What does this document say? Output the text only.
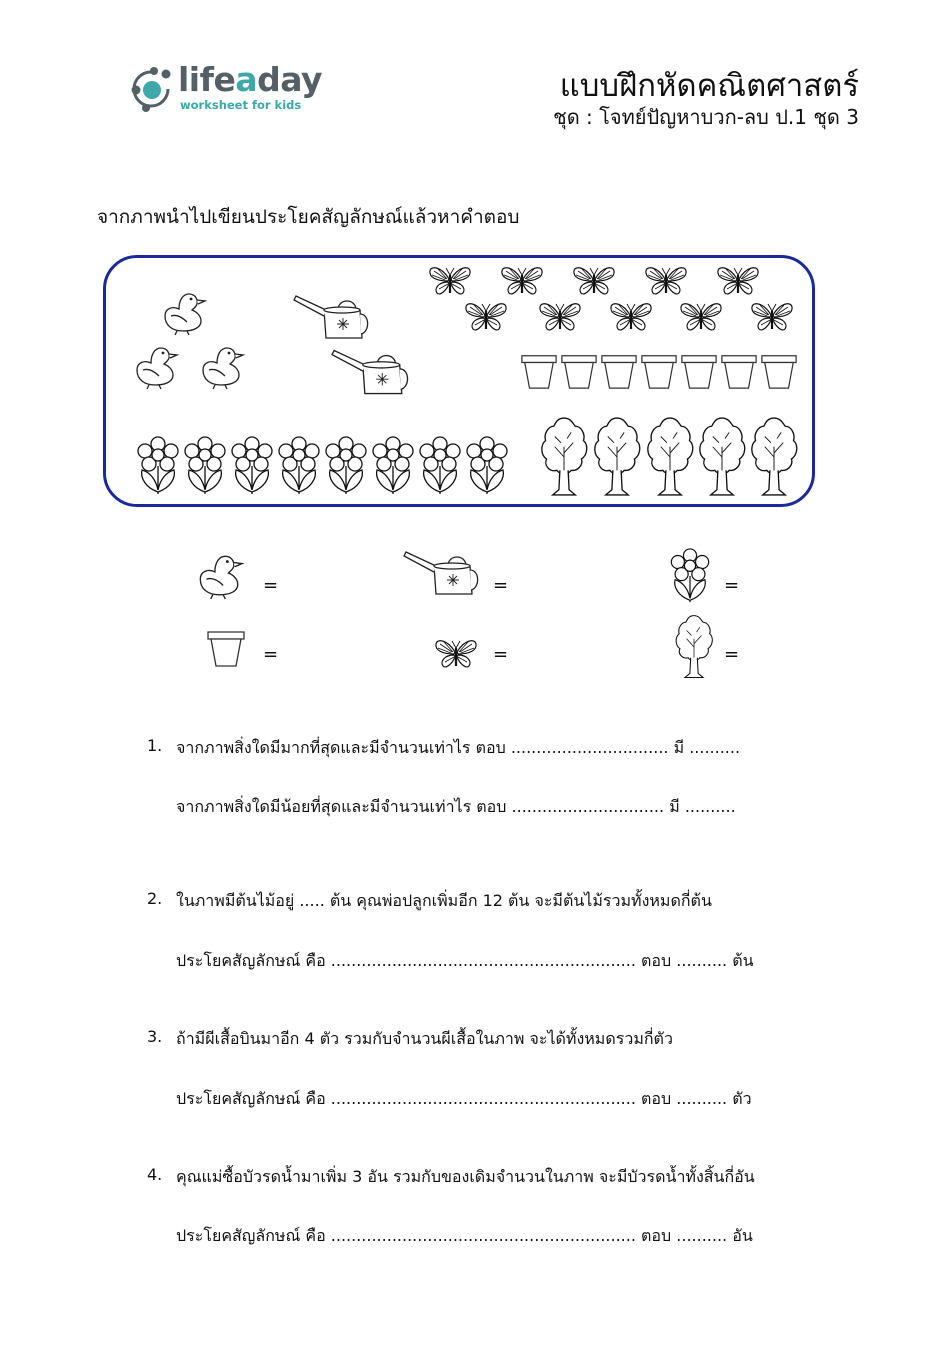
lifeaday
worksheet for kids
แบบฝึกหัดคณิตศาสตร์
ชุด : โจทย์ปัญหาบวก-ลบ ป.1 ชุด 3
จากภาพนำไปเขียนประโยคสัญลักษณ์แล้วหาคำตอบ
=	=	=
=	=	=
1. จากภาพสิ่งใดมีมากที่สุดและมีจำนวนเท่าไร ตอบ ............................... มี ..........
จากภาพสิ่งใดมีน้อยที่สุดและมีจำนวนเท่าไร ตอบ .............................. มี ..........
2. ในภาพมีต้นไม้อยู่ ..... ต้น คุณพ่อปลูกเพิ่มอีก 12 ต้น จะมีต้นไม้รวมทั้งหมดกี่ต้น
ประโยคสัญลักษณ์ คือ ............................................................ ตอบ .......... ต้น
3. ถ้ามีผีเสื้อบินมาอีก 4 ตัว รวมกับจำนวนผีเสื้อในภาพ จะได้ทั้งหมดรวมกี่ตัว
ประโยคสัญลักษณ์ คือ ............................................................ ตอบ .......... ตัว
4. คุณแม่ซื้อบัวรดน้ำมาเพิ่ม 3 อัน รวมกับของเดิมจำนวนในภาพ จะมีบัวรดน้ำทั้งสิ้นกี่อัน
ประโยคสัญลักษณ์ คือ ............................................................ ตอบ .......... อัน
